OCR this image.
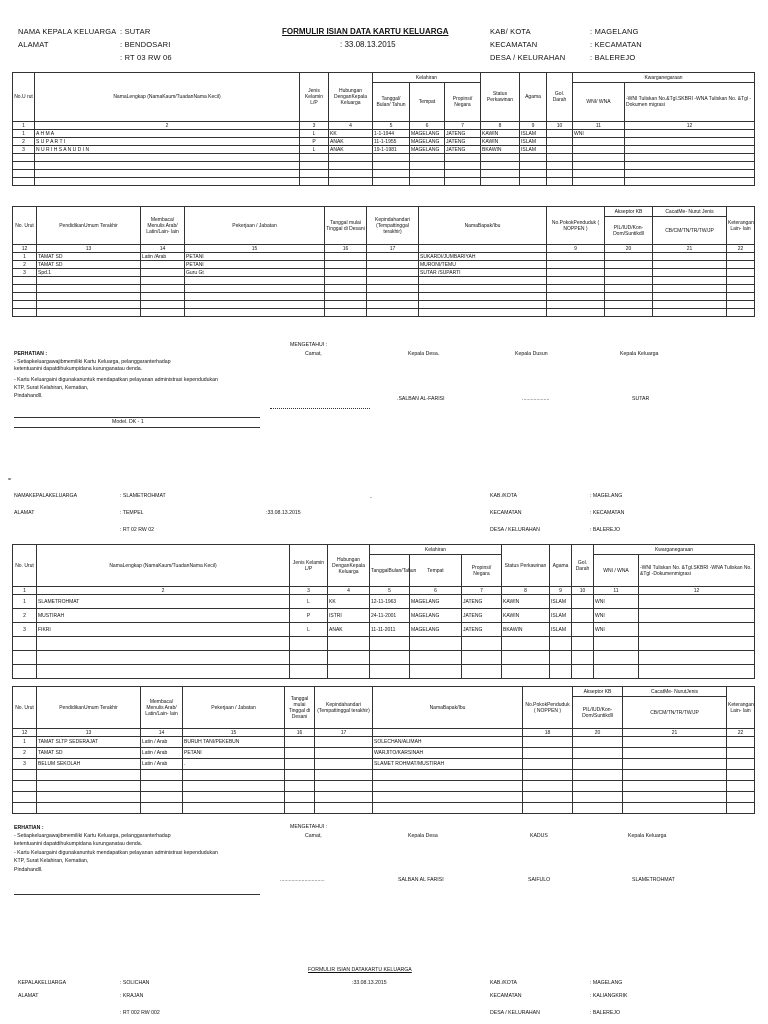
NAMA KEPALA KELUARGA : SUTAR
ALAMAT	: BENDOSARI
: RT 03 RW 06
FORMULIR ISIAN DATA KARTU KELUARGA
: 33.08.13.2015
KAB/ KOTA	: MAGELANG
KECAMATAN	: KECAMATAN
DESA / KELURAHAN	: BALEREJO
No.U rut	NamaLengkap (NamaKaum/TuadanNama Kecil)	Jenis Kelamin L/P	Hubungan DenganKepala Keluarga	Kelahiran			Status Perkawinan	Agama	Gol. Darah	Kwarganegaraan	
				Tanggal/ Bulan/ Tahun	Tempat	Propinsi/ Negara				WNI/ WNA	-WNI Tuliskan No.&Tgl.SKBRI -WNA Tuliskan No. &Tgl -Dokumen migrasi
1	2	3	4	5	6	7	8	9	10	11	12
1	A H M A	L	KK	1-1-1944	MAGELANG	JATENG	KAWIN	ISLAM		WNI	
2	S U P A R T I	P	ANAK	11-1-1955	MAGELANG	JATENG	KAWIN	ISLAM			
3	N U R I H S A N U D I N	L	ANAK	19-1-1981	MAGELANG	JATENG	BKAWIN	ISLAM			

No. Urut	PendidikanUmum Terakhir	Membaca/ Menulis Arab/ Latin/Lain- lain	Pekerjaan / Jabatan	Tanggal mulai Tinggal di Desani	Kepindahandari (Tempattinggal terakhir)	NamaBapak/Ibu	No.PokokPenduduk ( NOPPEN )	Akseptor KB	CacatMe- Nurut Jenis	Keterangan Lain- lain
								PIL/IUD/Kon- Dom/Suntikdll	CB/CM/TN/TR/TW/JP	
12	13	14	15	16	17		9	20	21	22
1	TAMAT SD	Latin /Arab	PETANI			SUKARDI/JUMBARIYAH				
2	TAMAT SD		PETANI			MURONI/TEMU				
3	Spd.1		Guru Gt			SUTAR /SUPARTI				

MENGETAHUI :
Camat,	Kepala Desa.	Kepala Dusun	Kepala Keluarga
PERHATIAN :
- Setiapkeluargawajibmemiliki Kartu Keluarga, pelanggaranterhadap
ketentuanini dapatdihukumpidana kurunganatau denda.
- Kartu Keluargaini digunakanuntuk mendapatkan pelayanan administrasi kependudukan
KTP, Surat Kelahiran, Kematian,
Pindahandll.	.SALBAN AL-FARISI	...................	SUTAR
Model. DK - 1
=
NAMAKEPALAKELUARGA	: SLAMETROHMAT	-
ALAMAT	: TEMPEL	:33.08.13.2015
: RT 02 RW 02
KAB./KOTA	: MAGELANG
KECAMATAN	: KECAMATAN
DESA / KELURAHAN	: BALEREJO
No. Urut	NamaLengkap (NamaKaum/TuadanNama Kecil)	Jenis Kelamin L/P	Hubungan DenganKepala Keluarga	Kelahiran			Status Perkawinan	Agama	Gol. Darah	Kwarganegaraan	
				TanggalBulan/Tahun	Tempat	Propinsi/ Negara				WNI / WNA	-WNI Tuliskan No. &Tgl.SKBRI -WNA Tuliskan No. &Tgl -Dokumenmigrasi
1	2	3	4	5	6	7	8	9	10	11	12
1	SLAMETROHMAT	L	KK	12-11-1963	MAGELANG	JATENG	KAWIN	ISLAM		WNI	
2	MUSTIRAH	P	ISTRI	24-11-2001	MAGELANG	JATENG	KAWIN	ISLAM		WNI	
3	FIKRI	L	ANAK	11-11-2011	MAGELANG	JATENG	BKAWIN	ISLAM		WNI	

No. Urut	PendidikanUmum Terakhir	Membaca/ Menulis Arab/ Latin/Lain- lain	Pekerjaan / Jabatan	Tanggal mulai Tinggal di Desani	Kepindahandari (Tempattinggal terakhir)	NamaBapak/Ibu	No.PokokPenduduk ( NOPPEN )	Akseptor KB	CacatMe- NurutJenis	Keterangan Lain- lain
								PIL/IUD/Kon- Dom/Suntikdll	CB/CM/TN/TR/TW/JP	
12	13	14	15	16	17		18	20	21	22
1	TAMAT SLTP SEDERAJAT	Latin / Arab	BURUH TANI/PEKEBUN			SOLECHAN/ALIMAH				
2	TAMAT SD	Latin / Arab	PETANI			WARJITO/KARSINAH				
3	BELUM SEKOLAH	Latin / Arab	.			SLAMET ROHMAT/MUSTIRAH				

MENGETAHUI :
Camat,	Kepala Desa	KADUS	Kepala Keluarga
ERHATIAN :
- Setiapkeluargawajibmemiliki Kartu Keluarga, pelanggaranterhadap
ketentuanini dapatdihukumpidana kurunganatau denda.
- Kartu Keluargaini digunakanuntuk mendapatkan pelayanan administrasi kependudukan
KTP, Surat Kelahiran, Kematian,
Pindahandll.
...............................	SALBAN AL FARISI	SAIFULO	SLAMETROHMAT
FORMULIR ISIAN DATAKARTU KELUARGA
KEPALAKELUARGA	: SOLICHAN	:33.08.13.2015
ALAMAT	: KRAJAN
: RT 002 RW 002
KAB./KOTA	: MAGELANG
KECAMATAN	: KALIANGKRIK
DESA / KELURAHAN	: BALEREJO
